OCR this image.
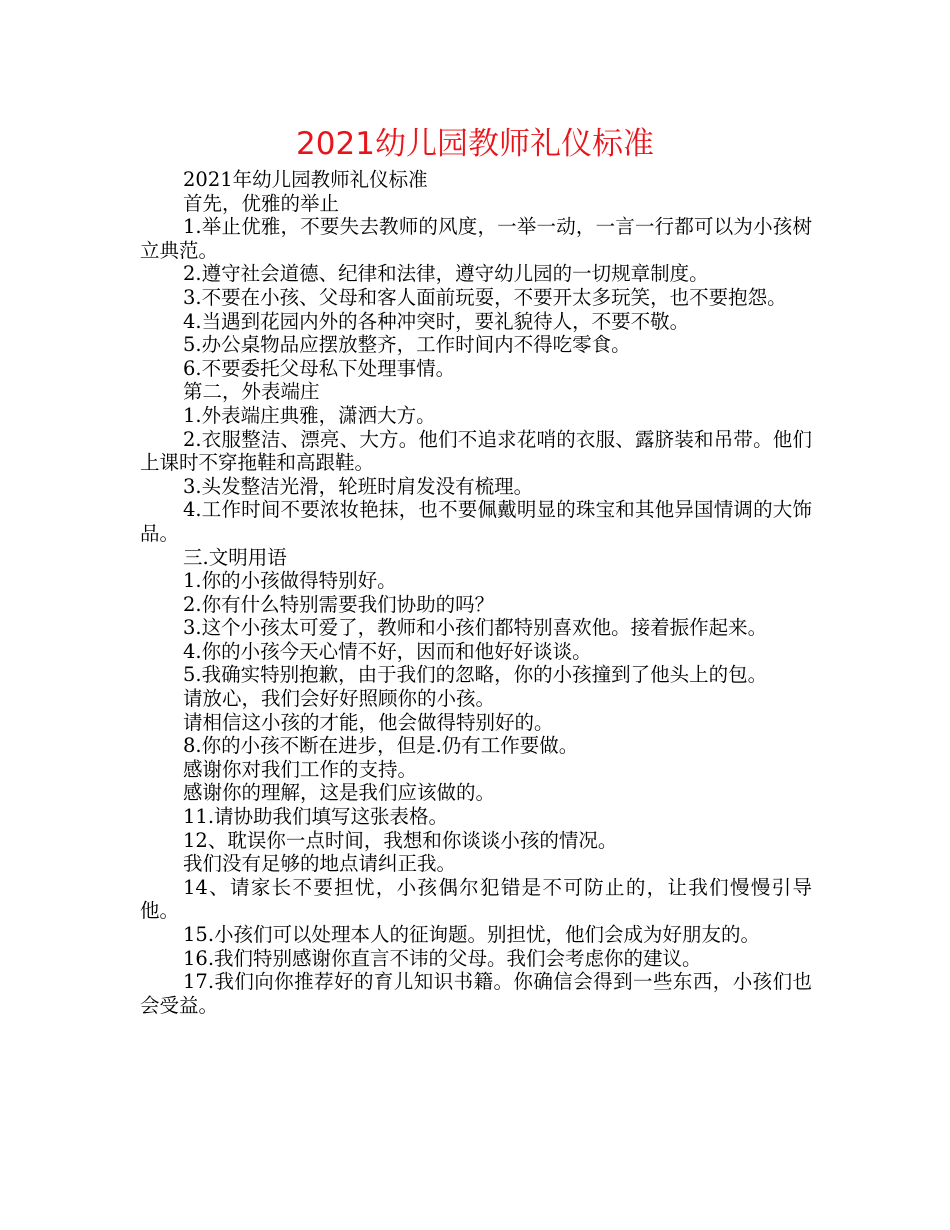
2021幼儿园教师礼仪标准

2021年幼儿园教师礼仪标准

首先，优雅的举止

1.举止优雅，不要失去教师的风度，一举一动，一言一行都可以为小孩树立典范。

2.遵守社会道德、纪律和法律，遵守幼儿园的一切规章制度。

3.不要在小孩、父母和客人面前玩耍，不要开太多玩笑，也不要抱怨。

4.当遇到花园内外的各种冲突时，要礼貌待人，不要不敬。

5.办公桌物品应摆放整齐，工作时间内不得吃零食。

6.不要委托父母私下处理事情。

第二，外表端庄

1.外表端庄典雅，潇洒大方。

2.衣服整洁、漂亮、大方。他们不追求花哨的衣服、露脐装和吊带。他们上课时不穿拖鞋和高跟鞋。

3.头发整洁光滑，轮班时肩发没有梳理。

4.工作时间不要浓妆艳抹，也不要佩戴明显的珠宝和其他异国情调的大饰品。

三.文明用语

1.你的小孩做得特别好。

2.你有什么特别需要我们协助的吗？

3.这个小孩太可爱了，教师和小孩们都特别喜欢他。接着振作起来。

4.你的小孩今天心情不好，因而和他好好谈谈。

5.我确实特别抱歉，由于我们的忽略，你的小孩撞到了他头上的包。

请放心，我们会好好照顾你的小孩。

请相信这小孩的才能，他会做得特别好的。

8.你的小孩不断在进步，但是.仍有工作要做。

感谢你对我们工作的支持。

感谢你的理解，这是我们应该做的。

11.请协助我们填写这张表格。

12、耽误你一点时间，我想和你谈谈小孩的情况。

我们没有足够的地点请纠正我。

14、请家长不要担忧，小孩偶尔犯错是不可防止的，让我们慢慢引导他。

15.小孩们可以处理本人的征询题。别担忧，他们会成为好朋友的。

16.我们特别感谢你直言不讳的父母。我们会考虑你的建议。

17.我们向你推荐好的育儿知识书籍。你确信会得到一些东西，小孩们也会受益。
